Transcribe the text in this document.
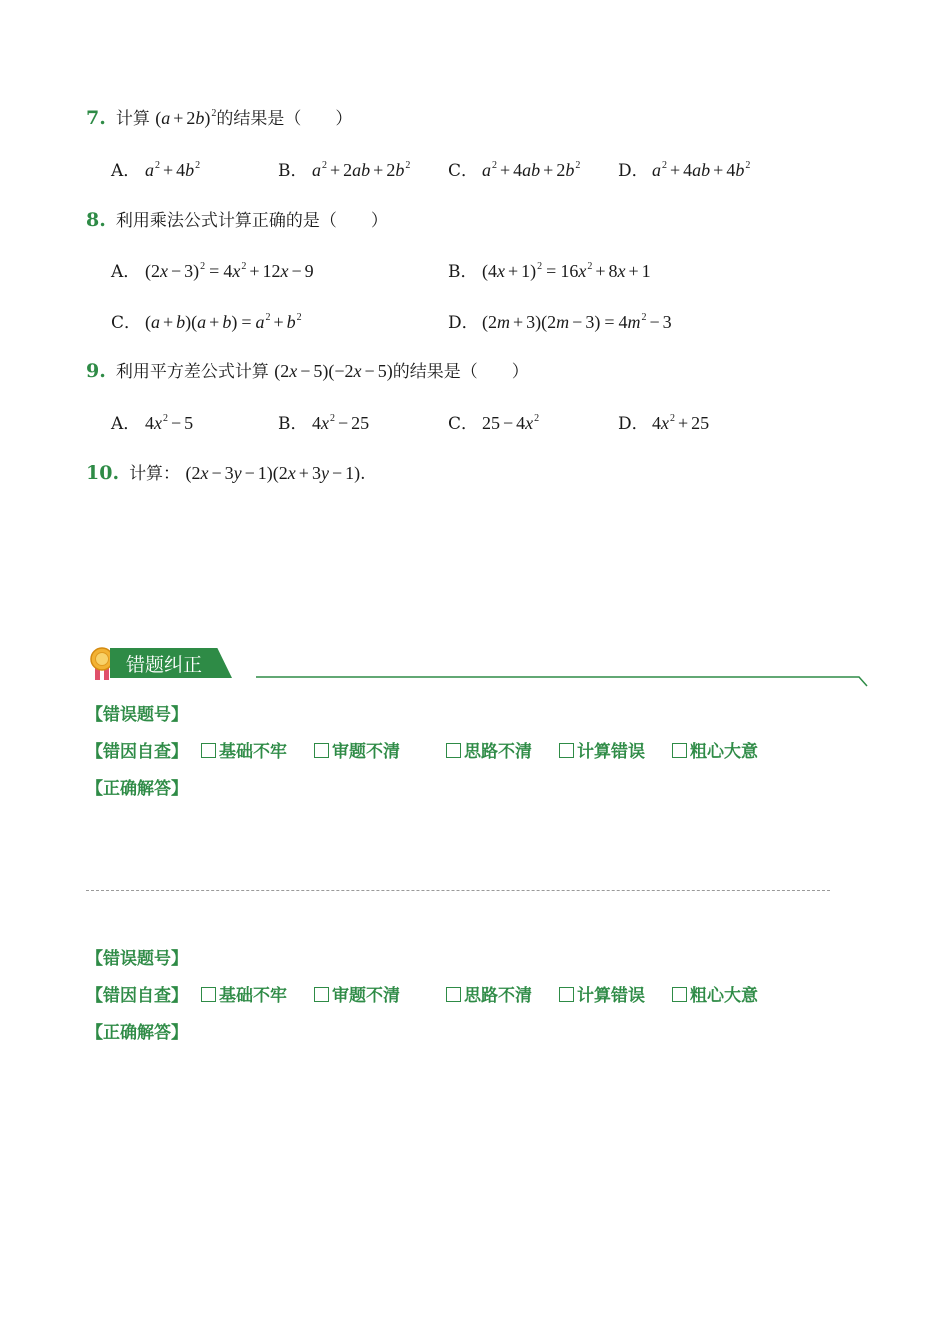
7. 计算 $(a + 2b)^2$的结果是（　　）
A． $a^2 + 4b^2$	B． $a^2 + 2ab + 2b^2$ C． $a^2 + 4ab + 2b^2$ D． $a^2 + 4ab + 4b^2$
8. 利用乘法公式计算正确的是（　　）
A． $(2x - 3)^2 = 4x^2 + 12x - 9$	B． $(4x + 1)^2 = 16x^2 + 8x + 1$
C． $(a + b)(a + b) = a^2 + b^2$	D． $(2m + 3)(2m - 3) = 4m^2 - 3$
9. 利用平方差公式计算 (2x − 5)(−2x − 5)的结果是（　　）
A． $4x^2 - 5$	B． $4x^2 - 25$	C． $25 - 4x^2$	D． $4x^2 + 25$
10. 计算： (2x − 3y − 1)(2x + 3y − 1).
错题纠正
【错误题号】
【错因自查】	基础不牢	审题不清	思路不清	计算错误	粗心大意
【正确解答】
【错误题号】
【错因自查】	基础不牢	审题不清	思路不清	计算错误	粗心大意
【正确解答】
